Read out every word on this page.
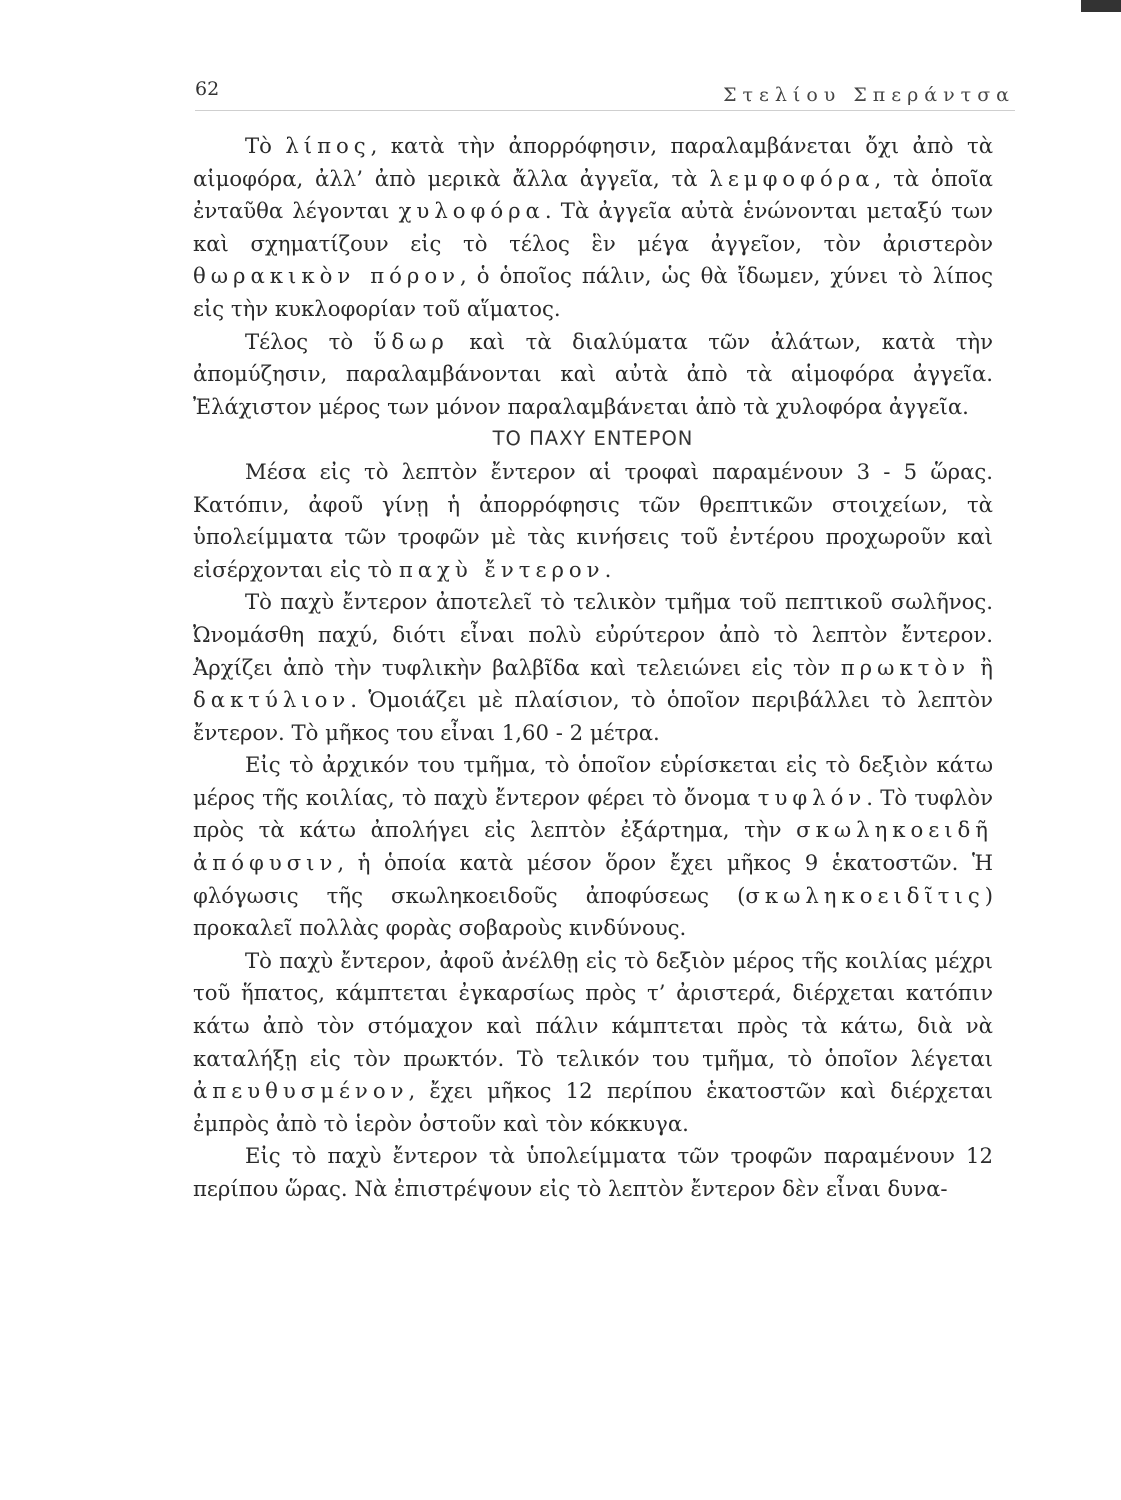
62	Στελίου Σπεράντσα

Τὸ λίπος, κατὰ τὴν ἀπορρόφησιν, παραλαμβάνεται ὄχι ἀπὸ τὰ αἱμοφόρα, ἀλλ’ ἀπὸ μερικὰ ἄλλα ἀγγεῖα, τὰ λεμφοφόρα, τὰ ὁποῖα ἐνταῦθα λέγονται χυλοφόρα. Τὰ ἀγγεῖα αὐτὰ ἑνώνονται μεταξύ των καὶ σχηματίζουν εἰς τὸ τέλος ἓν μέγα ἀγγεῖον, τὸν ἀριστερὸν θωρακικὸν πόρον, ὁ ὁποῖος πάλιν, ὡς θὰ ἴδωμεν, χύνει τὸ λίπος εἰς τὴν κυκλοφορίαν τοῦ αἵματος.

Τέλος τὸ ὕδωρ καὶ τὰ διαλύματα τῶν ἀλάτων, κατὰ τὴν ἀπομύζησιν, παραλαμβάνονται καὶ αὐτὰ ἀπὸ τὰ αἱμοφόρα ἀγγεῖα. Ἐλάχιστον μέρος των μόνον παραλαμβάνεται ἀπὸ τὰ χυλοφόρα ἀγγεῖα.

ΤΟ ΠΑΧΥ ΕΝΤΕΡΟΝ

Μέσα εἰς τὸ λεπτὸν ἔντερον αἱ τροφαὶ παραμένουν 3 - 5 ὥρας. Κατόπιν, ἀφοῦ γίνῃ ἡ ἀπορρόφησις τῶν θρεπτικῶν στοιχείων, τὰ ὑπολείμματα τῶν τροφῶν μὲ τὰς κινήσεις τοῦ ἐντέρου προχωροῦν καὶ εἰσέρχονται εἰς τὸ παχὺ ἔντερον.

Τὸ παχὺ ἔντερον ἀποτελεῖ τὸ τελικὸν τμῆμα τοῦ πεπτικοῦ σωλῆνος. Ὠνομάσθη παχύ, διότι εἶναι πολὺ εὐρύτερον ἀπὸ τὸ λεπτὸν ἔντερον. Ἀρχίζει ἀπὸ τὴν τυφλικὴν βαλβῖδα καὶ τελειώνει εἰς τὸν πρωκτὸν ἢ δακτύλιον. Ὁμοιάζει μὲ πλαίσιον, τὸ ὁποῖον περιβάλλει τὸ λεπτὸν ἔντερον. Τὸ μῆκος του εἶναι 1,60 - 2 μέτρα.

Εἰς τὸ ἀρχικόν του τμῆμα, τὸ ὁποῖον εὑρίσκεται εἰς τὸ δεξιὸν κάτω μέρος τῆς κοιλίας, τὸ παχὺ ἔντερον φέρει τὸ ὄνομα τυφλόν. Τὸ τυφλὸν πρὸς τὰ κάτω ἀπολήγει εἰς λεπτὸν ἐξάρτημα, τὴν σκωληκοειδῆ ἀπόφυσιν, ἡ ὁποία κατὰ μέσον ὅρον ἔχει μῆκος 9 ἑκατοστῶν. Ἡ φλόγωσις τῆς σκωληκοειδοῦς ἀποφύσεως (σκωληκοειδῖτις) προκαλεῖ πολλὰς φορὰς σοβαροὺς κινδύνους.

Τὸ παχὺ ἔντερον, ἀφοῦ ἀνέλθῃ εἰς τὸ δεξιὸν μέρος τῆς κοιλίας μέχρι τοῦ ἥπατος, κάμπτεται ἐγκαρσίως πρὸς τ’ ἀριστερά, διέρχεται κατόπιν κάτω ἀπὸ τὸν στόμαχον καὶ πάλιν κάμπτεται πρὸς τὰ κάτω, διὰ νὰ καταλήξῃ εἰς τὸν πρωκτόν. Τὸ τελικόν του τμῆμα, τὸ ὁποῖον λέγεται ἀπευθυσμένον, ἔχει μῆκος 12 περίπου ἑκατοστῶν καὶ διέρχεται ἐμπρὸς ἀπὸ τὸ ἱερὸν ὀστοῦν καὶ τὸν κόκκυγα.

Εἰς τὸ παχὺ ἔντερον τὰ ὑπολείμματα τῶν τροφῶν παραμένουν 12 περίπου ὥρας. Νὰ ἐπιστρέψουν εἰς τὸ λεπτὸν ἔντερον δὲν εἶναι δυνα-
